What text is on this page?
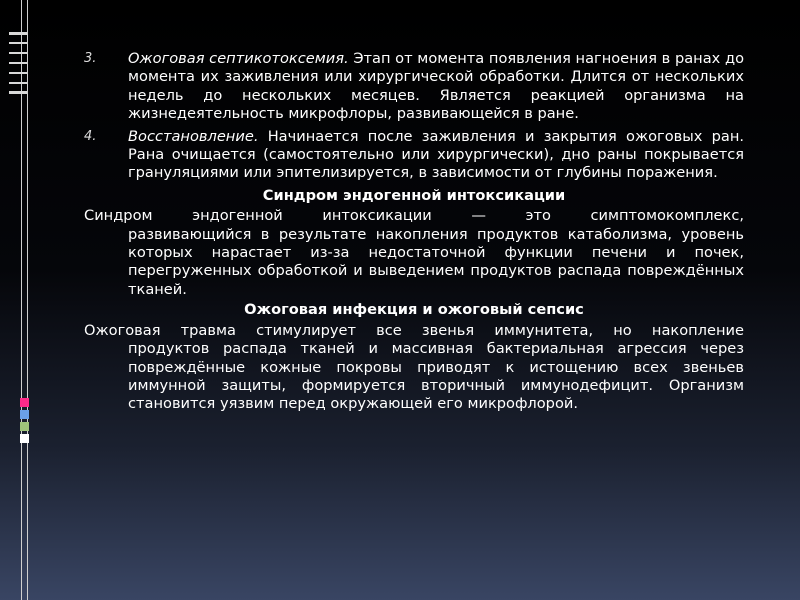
3. Ожоговая септикотоксемия. Этап от момента появления нагноения в ранах до момента их заживления или хирургической обработки. Длится от нескольких недель до нескольких месяцев. Является реакцией организма на жизнедеятельность микрофлоры, развивающейся в ране.
4. Восстановление. Начинается после заживления и закрытия ожоговых ран. Рана очищается (самостоятельно или хирургически), дно раны покрывается грануляциями или эпителизируется, в зависимости от глубины поражения.
Синдром эндогенной интоксикации
Синдром эндогенной интоксикации — это симптомокомплекс,
развивающийся в результате накопления продуктов катаболизма, уровень которых нарастает из-за недостаточной функции печени и почек, перегруженных обработкой и выведением продуктов распада повреждённых тканей.
Ожоговая инфекция и ожоговый сепсис
Ожоговая травма стимулирует все звенья иммунитета, но накопление
продуктов распада тканей и массивная бактериальная агрессия через повреждённые кожные покровы приводят к истощению всех звеньев иммунной защиты, формируется вторичный иммунодефицит. Организм становится уязвим перед окружающей его микрофлорой.
